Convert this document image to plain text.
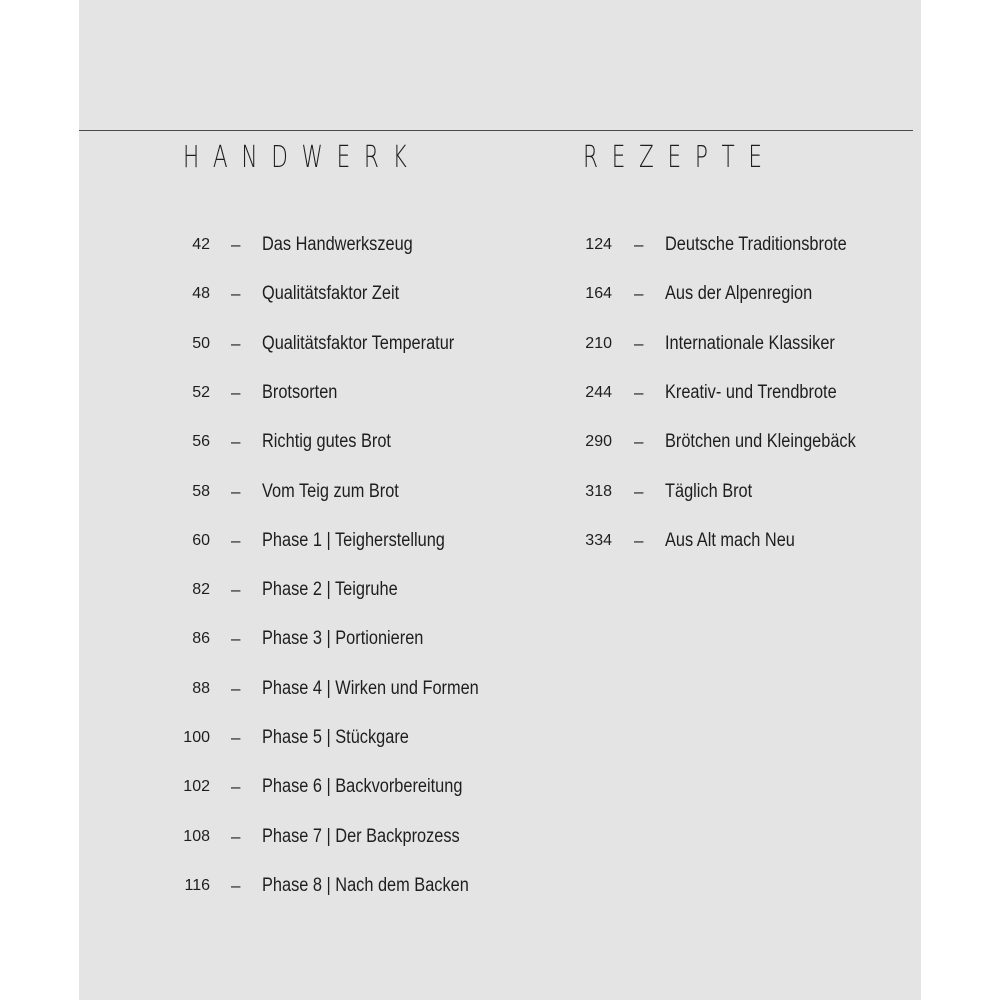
HANDWERK	REZEPTE
42 – Das Handwerkszeug
48 – Qualitätsfaktor Zeit
50 – Qualitätsfaktor Temperatur
52 – Brotsorten
56 – Richtig gutes Brot
58 – Vom Teig zum Brot
60 – Phase 1 | Teigherstellung
82 – Phase 2 | Teigruhe
86 – Phase 3 | Portionieren
88 – Phase 4 | Wirken und Formen
100 – Phase 5 | Stückgare
102 – Phase 6 | Backvorbereitung
108 – Phase 7 | Der Backprozess
116 – Phase 8 | Nach dem Backen
124 – Deutsche Traditionsbrote
164 – Aus der Alpenregion
210 – Internationale Klassiker
244 – Kreativ- und Trendbrote
290 – Brötchen und Kleingebäck
318 – Täglich Brot
334 – Aus Alt mach Neu
